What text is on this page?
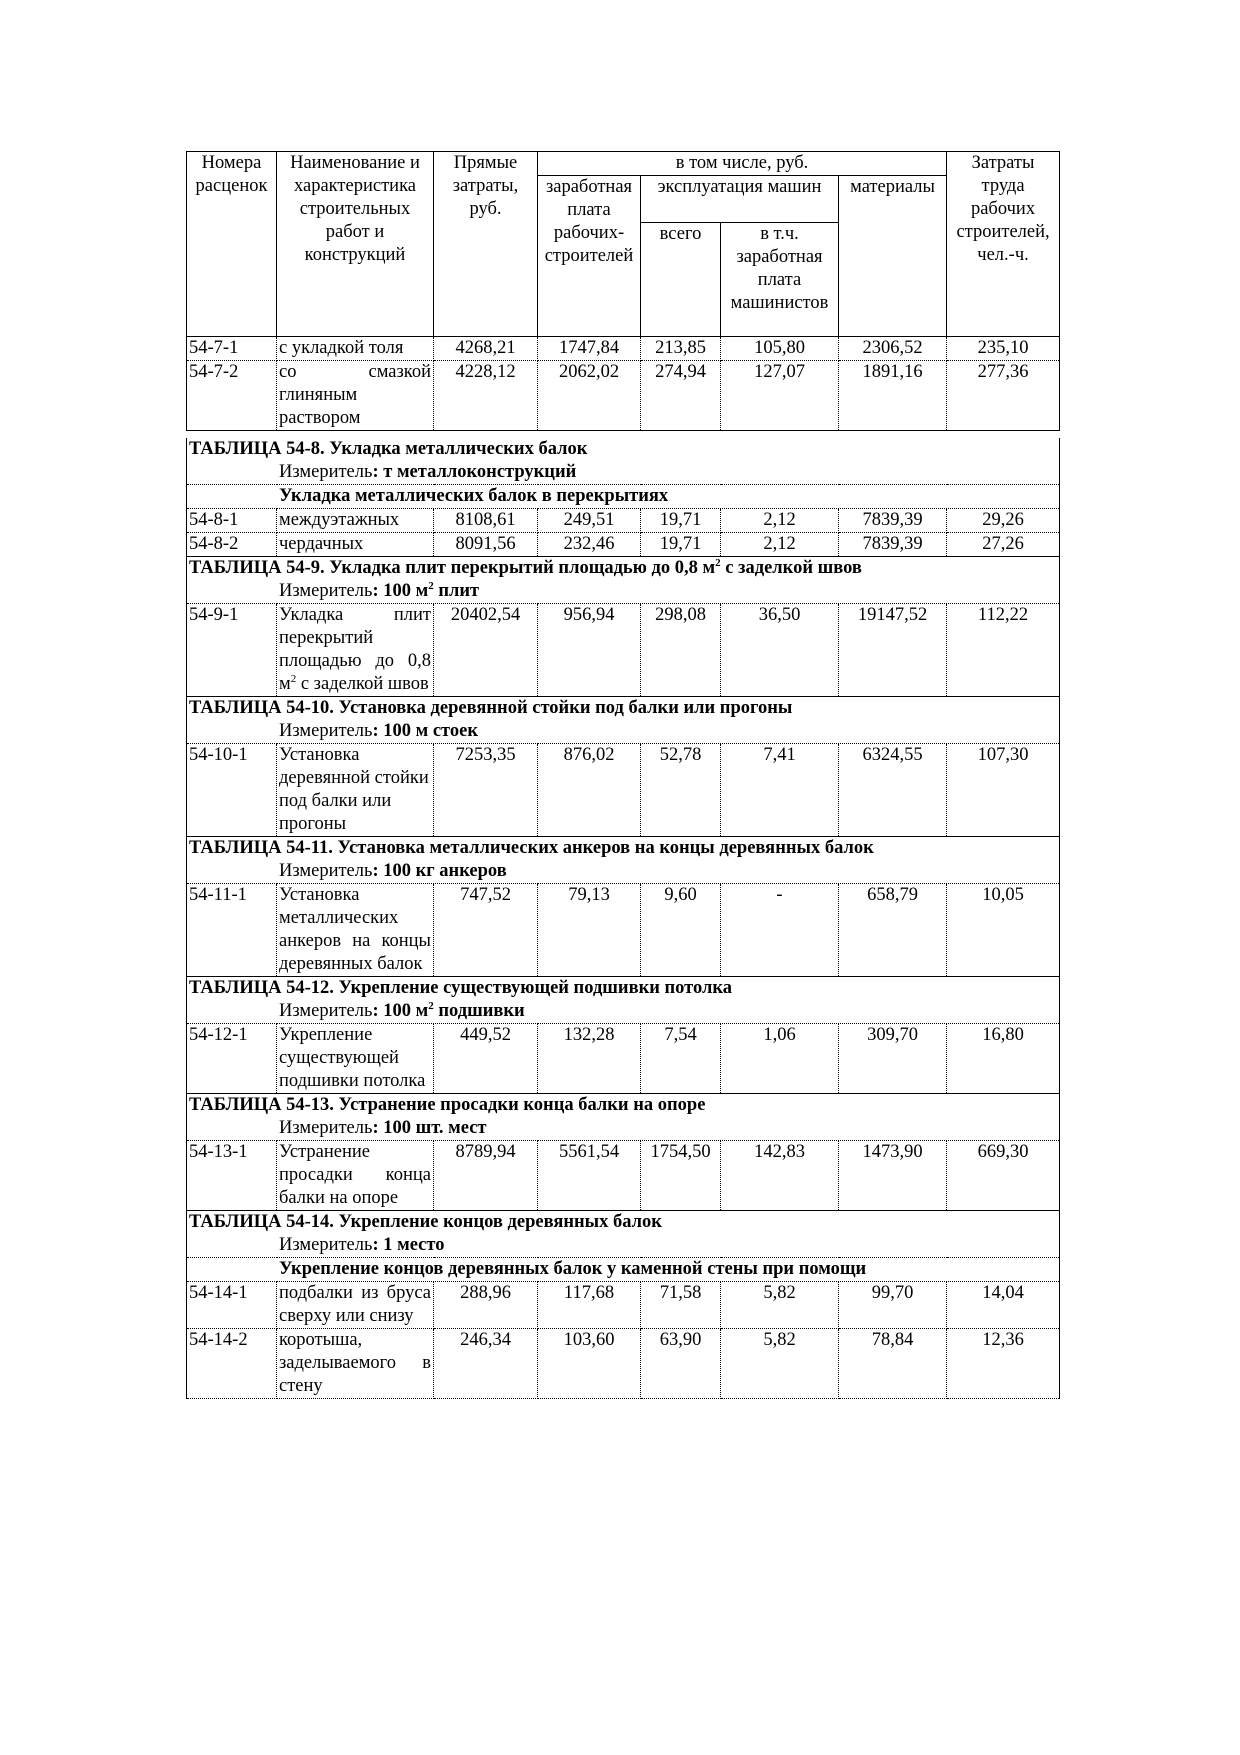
Номера расценок	Наименование и характеристика строительных работ и конструкций	Прямые затраты, руб.	в том числе, руб.				Затраты труда рабочих строителей, чел.-ч.
			заработная плата рабочих-строителей	эксплуатация машин		материалы	
				всего	в т.ч. заработная плата машинистов		
54-7-1	с укладкой толя	4268,21	1747,84	213,85	105,80	2306,52	235,10
54-7-2	со смазкой глиняным раствором	4228,12	2062,02	274,94	127,07	1891,16	277,36
ТАБЛИЦА 54-8. Укладка металлических балок							
Измеритель: т металлоконструкций							
Укладка металлических балок в перекрытиях							
54-8-1	междуэтажных	8108,61	249,51	19,71	2,12	7839,39	29,26
54-8-2	чердачных	8091,56	232,46	19,71	2,12	7839,39	27,26
ТАБЛИЦА 54-9. Укладка плит перекрытий площадью до 0,8 $м^2$ с заделкой швов							
Измеритель: 100 $м^2$ плит							
54-9-1	Укладка плит перекрытий площадью до 0,8 $м^2$ с заделкой швов	20402,54	956,94	298,08	36,50	19147,52	112,22
ТАБЛИЦА 54-10. Установка деревянной стойки под балки или прогоны							
Измеритель: 100 м стоек							
54-10-1	Установка деревянной стойки под балки или прогоны	7253,35	876,02	52,78	7,41	6324,55	107,30
ТАБЛИЦА 54-11. Установка металлических анкеров на концы деревянных балок							
Измеритель: 100 кг анкеров							
54-11-1	Установка металлических анкеров на концы деревянных балок	747,52	79,13	9,60	-	658,79	10,05
ТАБЛИЦА 54-12. Укрепление существующей подшивки потолка							
Измеритель: 100 $м^2$ подшивки							
54-12-1	Укрепление существующей подшивки потолка	449,52	132,28	7,54	1,06	309,70	16,80
ТАБЛИЦА 54-13. Устранение просадки конца балки на опоре							
Измеритель: 100 шт. мест							
54-13-1	Устранение просадки конца балки на опоре	8789,94	5561,54	1754,50	142,83	1473,90	669,30
ТАБЛИЦА 54-14. Укрепление концов деревянных балок							
Измеритель: 1 место							
Укрепление концов деревянных балок у каменной стены при помощи							
54-14-1	подбалки из бруса сверху или снизу	288,96	117,68	71,58	5,82	99,70	14,04
54-14-2	коротыша, заделываемого в стену	246,34	103,60	63,90	5,82	78,84	12,36
